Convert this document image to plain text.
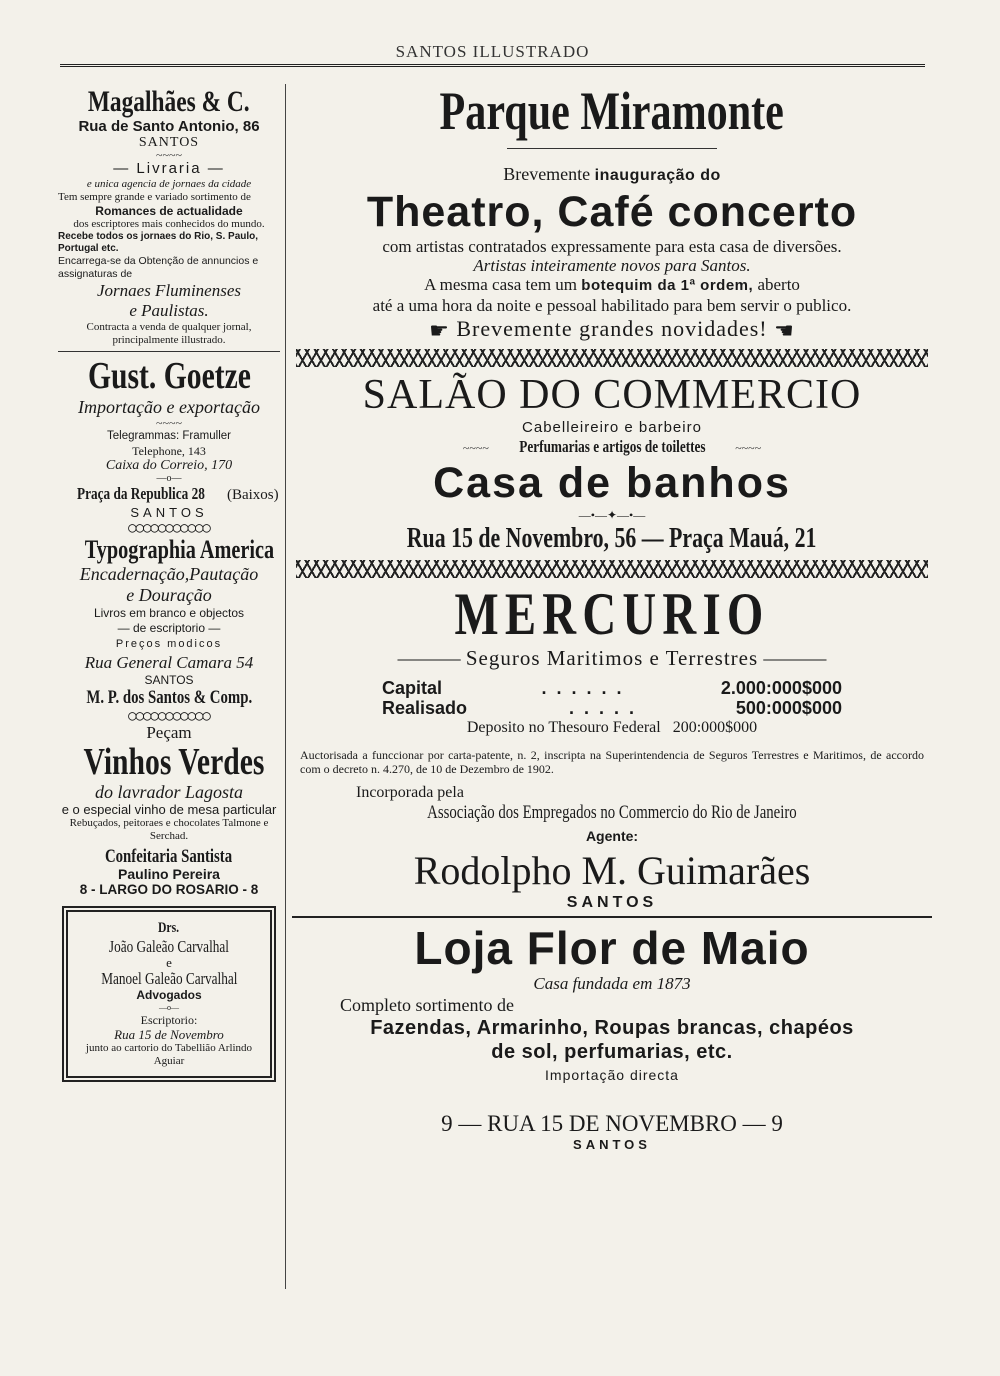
SANTOS ILLUSTRADO
Magalhães & C.
Rua de Santo Antonio, 86
SANTOS
~~~~
— Livraria —
e unica agencia de jornaes da cidade
Tem sempre grande e variado sortimento de
Romances de actualidade
dos escriptores mais conhecidos do mundo.
Recebe todos os jornaes do Rio, S. Paulo, Portugal etc.
Encarrega-se da Obtenção de annuncios e assignaturas de
Jornaes Fluminenses
e Paulistas.
Contracta a venda de qualquer jornal, principalmente illustrado.
Gust. Goetze
Importação e exportação
~~~~
Telegrammas: Framuller
Telephone, 143
Caixa do Correio, 170
—o—
Praça da Republica 28 (Baixos)
SANTOS
○○○○○○○○○○○
Typographia America
Encadernação,Pautação
e Douração
Livros em branco e objectos
— de escriptorio —
Preços modicos
Rua General Camara 54
SANTOS
M. P. dos Santos & Comp.
○○○○○○○○○○○
Peçam
Vinhos Verdes
do lavrador Lagosta
e o especial vinho de mesa particular
Rebuçados, peitoraes e chocolates Talmone e Serchad.
Confeitaria Santista
Paulino Pereira
8 - LARGO DO ROSARIO - 8
Drs.
João Galeão Carvalhal
e
Manoel Galeão Carvalhal
Advogados
—o—
Escriptorio:
Rua 15 de Novembro
junto ao cartorio do Tabellião Arlindo Aguiar
Parque Miramonte
Brevemente inauguração do
Theatro, Café concerto
com artistas contratados expressamente para esta casa de diversões.
Artistas inteiramente novos para Santos.
A mesma casa tem um botequim da 1ª ordem, aberto
até a uma hora da noite e pessoal habilitado para bem servir o publico.
☛ Brevemente grandes novidades! ☚
SALÃO DO COMMERCIO
Cabelleireiro e barbeiro
~~~~ Perfumarias e artigos de toilettes	~~~~
Casa de banhos
—•—✦—•—
Rua 15 de Novembro, 56 — Praça Mauá, 21
MERCURIO
——— Seguros Maritimos e Terrestres ———
Capital	.  .  .  .  .  .	2.000:000$000
Realisado	.  .  .  .  .	500:000$000
Deposito no Thesouro Federal 200:000$000
Auctorisada a funccionar por carta-patente, n. 2, inscripta na Superintendencia de Seguros Terrestres e Maritimos, de accordo com o decreto n. 4.270, de 10 de Dezembro de 1902.
Incorporada pela
Associação dos Empregados no Commercio do Rio de Janeiro
Agente:
Rodolpho M. Guimarães
SANTOS
Loja Flor de Maio
Casa fundada em 1873
Completo sortimento de
Fazendas, Armarinho, Roupas brancas, chapéos
de sol, perfumarias, etc.
Importação directa
9 — RUA 15 DE NOVEMBRO — 9
SANTOS
